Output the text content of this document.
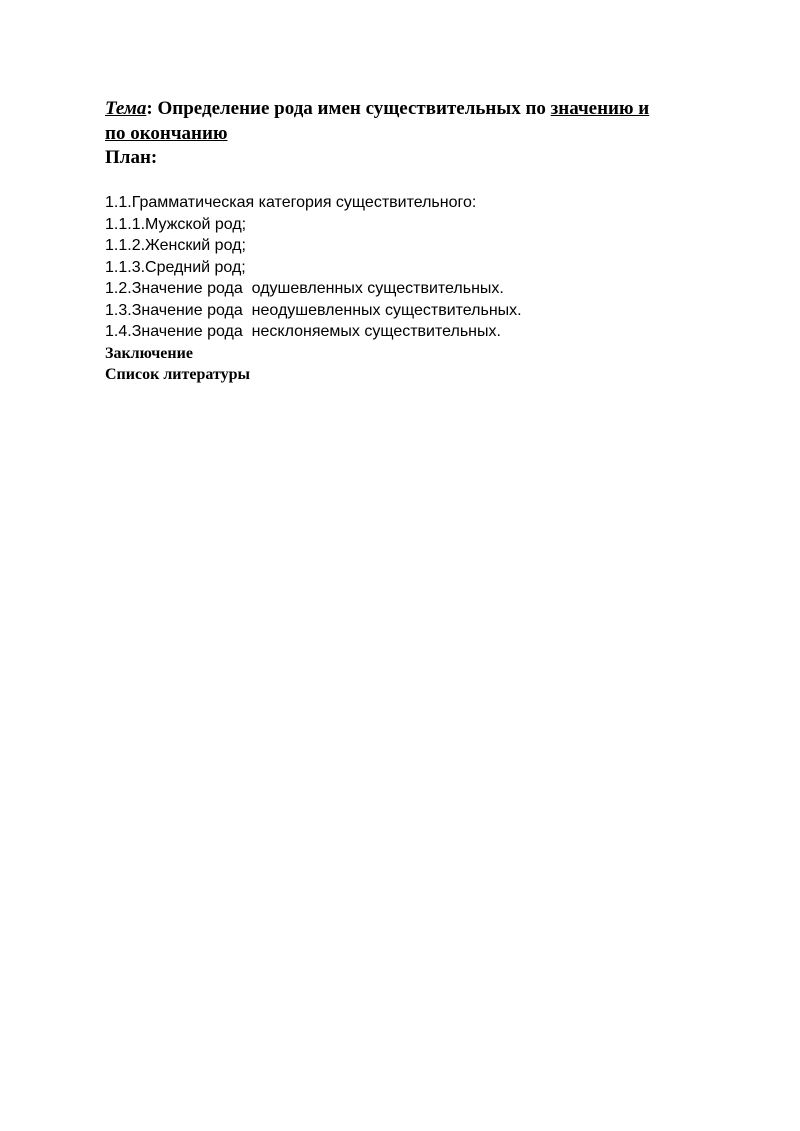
Тема: Определение рода имен существительных по значению и
по окончанию

План:

1.1.Грамматическая категория существительного:
1.1.1.Мужской род;
1.1.2.Женский род;
1.1.3.Средний род;
1.2.Значение рода  одушевленных существительных.
1.3.Значение рода  неодушевленных существительных.
1.4.Значение рода  несклоняемых существительных.
Заключение
Список литературы
